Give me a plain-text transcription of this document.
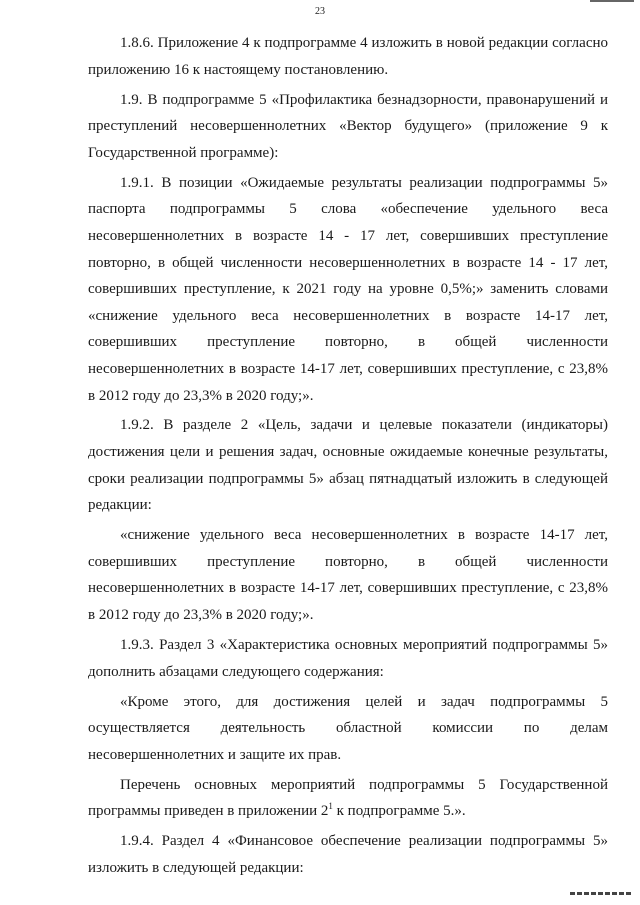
23

1.8.6. Приложение 4 к подпрограмме 4 изложить в новой редакции согласно приложению 16 к настоящему постановлению.

1.9. В подпрограмме 5 «Профилактика безнадзорности, правонарушений и преступлений несовершеннолетних «Вектор будущего» (приложение 9 к Государственной программе):

1.9.1. В позиции «Ожидаемые результаты реализации подпрограммы 5» паспорта подпрограммы 5 слова «обеспечение удельного веса несовершеннолетних в возрасте 14 - 17 лет, совершивших преступление повторно, в общей численности несовершеннолетних в возрасте 14 - 17 лет, совершивших преступление, к 2021 году на уровне 0,5%;» заменить словами «снижение удельного веса несовершеннолетних в возрасте 14-17 лет, совершивших преступление повторно, в общей численности несовершеннолетних в возрасте 14-17 лет, совершивших преступление, с 23,8% в 2012 году до 23,3% в 2020 году;».

1.9.2. В разделе 2 «Цель, задачи и целевые показатели (индикаторы) достижения цели и решения задач, основные ожидаемые конечные результаты, сроки реализации подпрограммы 5» абзац пятнадцатый изложить в следующей редакции:

«снижение удельного веса несовершеннолетних в возрасте 14-17 лет, совершивших преступление повторно, в общей численности несовершеннолетних в возрасте 14-17 лет, совершивших преступление, с 23,8% в 2012 году до 23,3% в 2020 году;».

1.9.3. Раздел 3 «Характеристика основных мероприятий подпрограммы 5» дополнить абзацами следующего содержания:

«Кроме этого, для достижения целей и задач подпрограммы 5 осуществляется деятельность областной комиссии по делам несовершеннолетних и защите их прав.

Перечень основных мероприятий подпрограммы 5 Государственной программы приведен в приложении $2^1$ к подпрограмме 5.».

1.9.4. Раздел 4 «Финансовое обеспечение реализации подпрограммы 5» изложить в следующей редакции:
